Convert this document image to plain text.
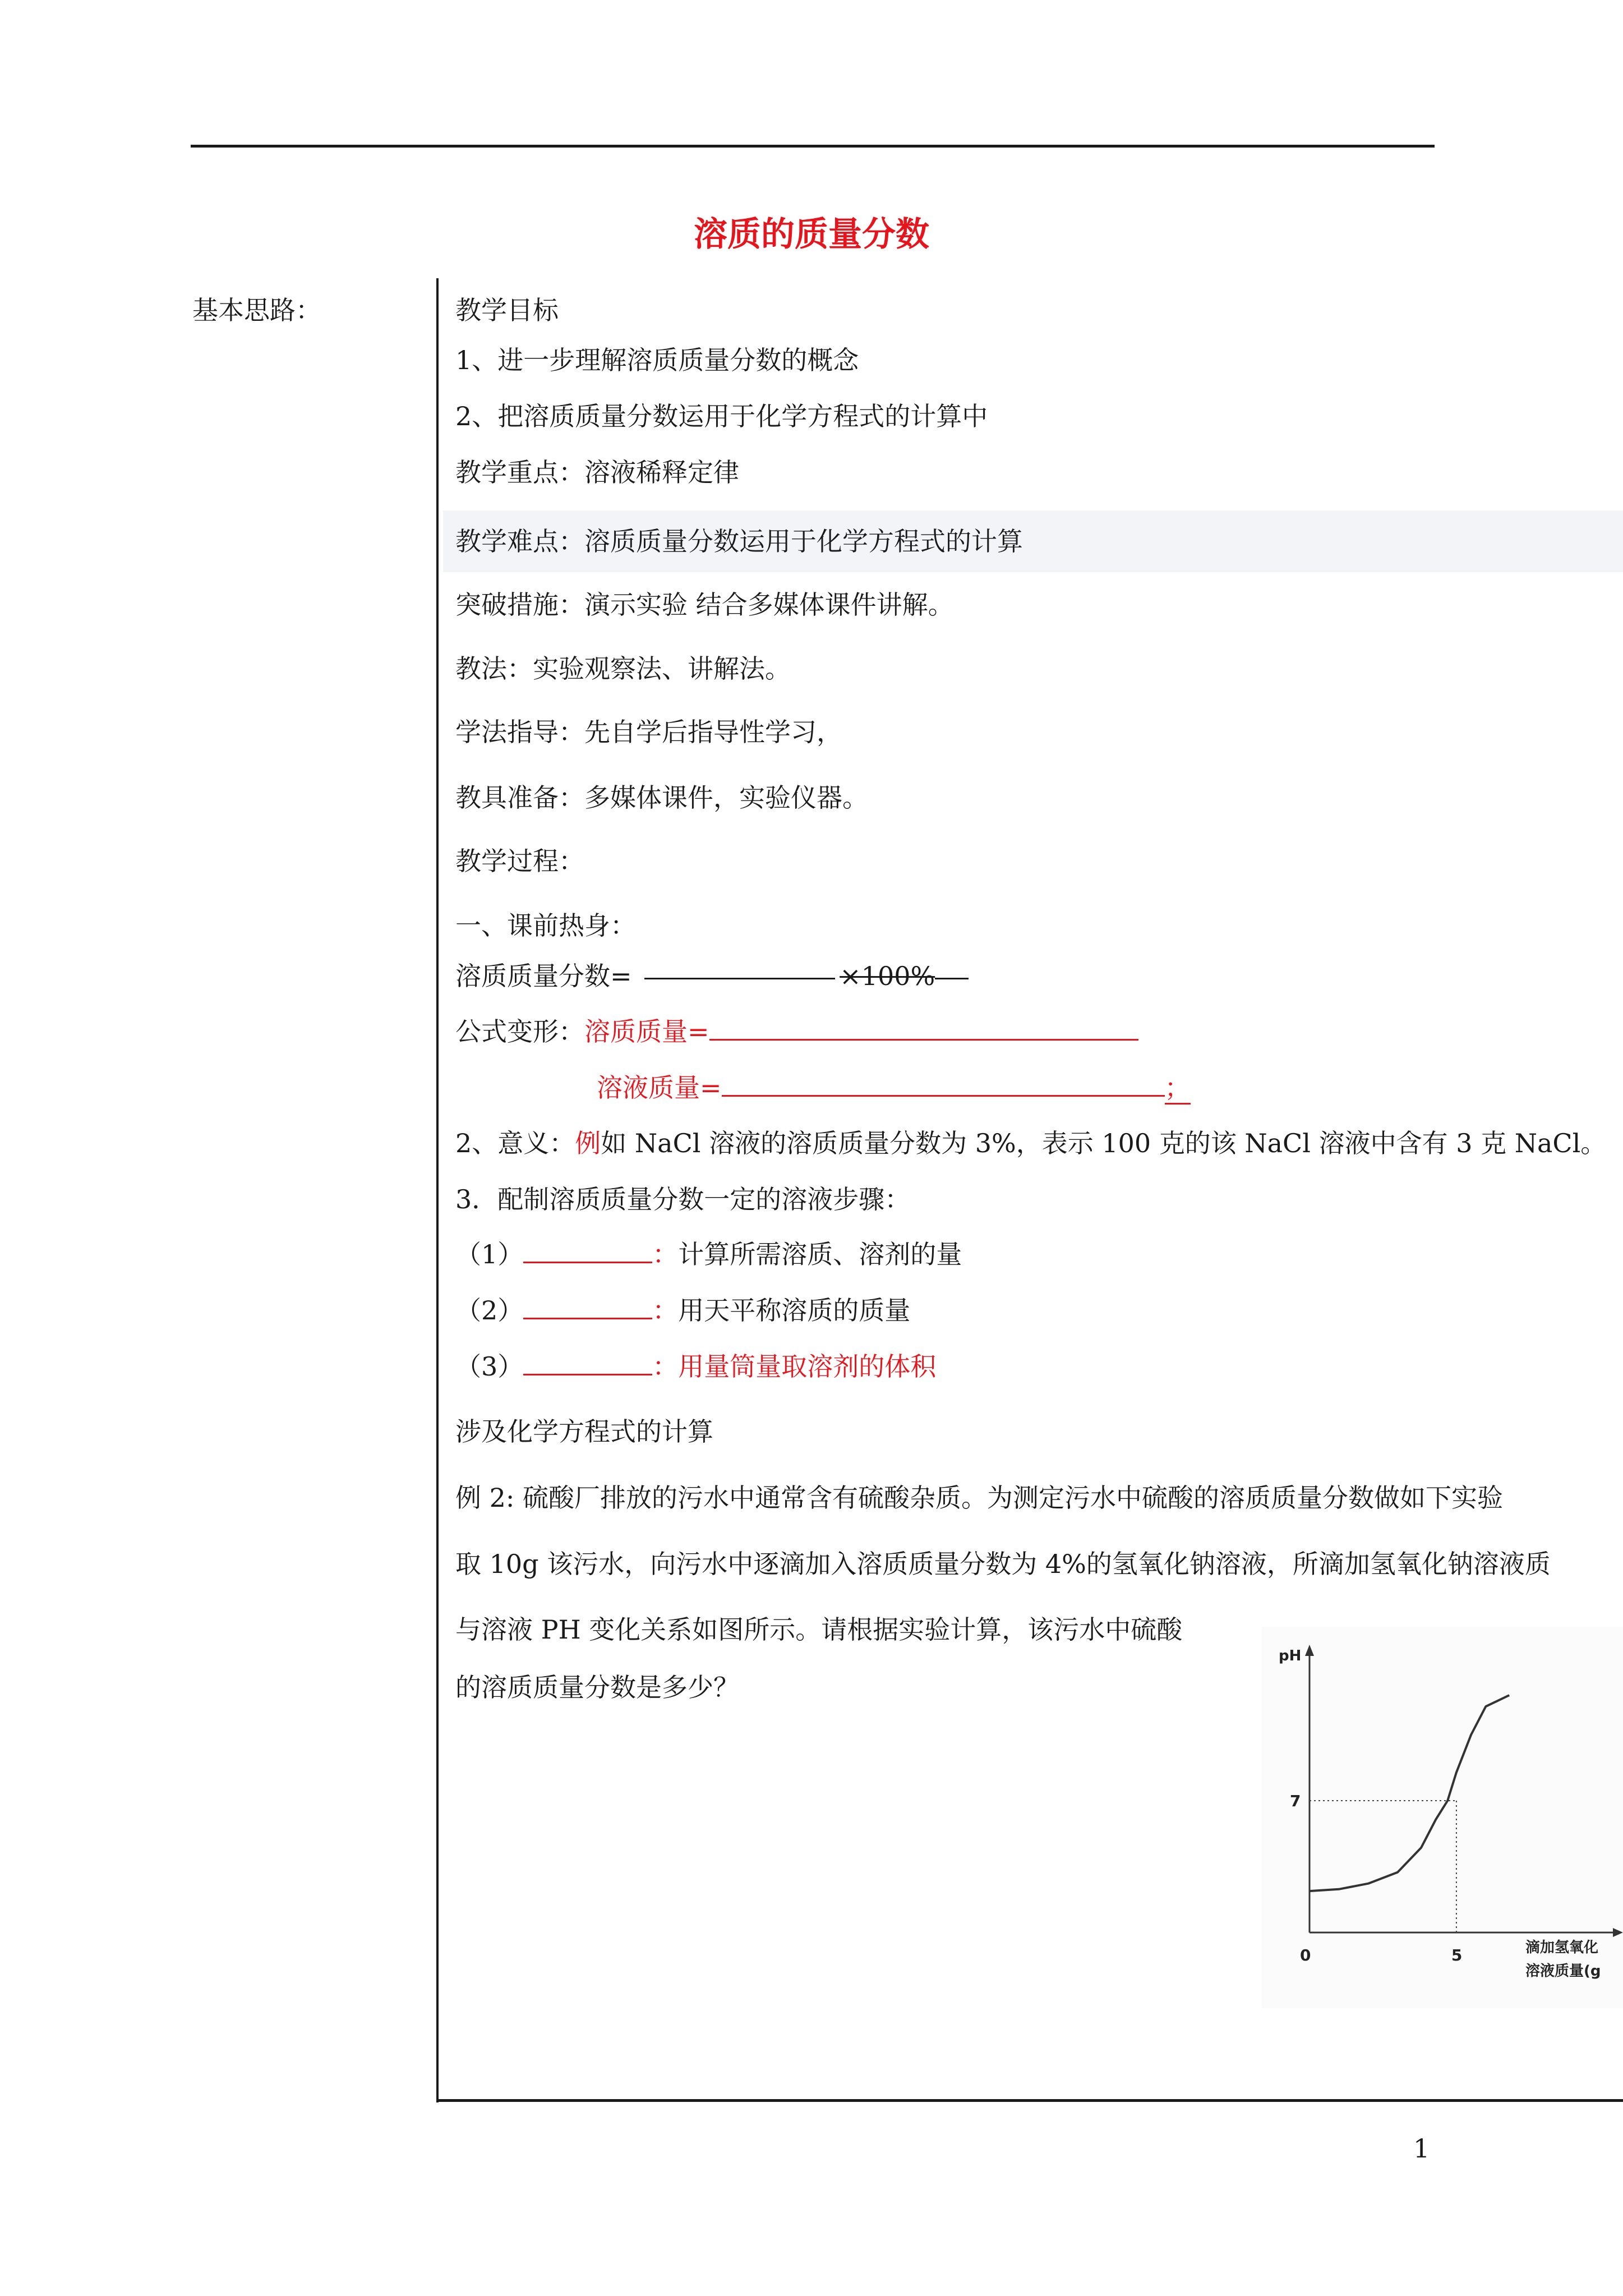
溶质的质量分数
基本思路：	教学目标
1、进一步理解溶质质量分数的概念
2、把溶质质量分数运用于化学方程式的计算中
教学重点：溶液稀释定律
教学难点：溶质质量分数运用于化学方程式的计算
突破措施：演示实验 结合多媒体课件讲解。
教法：实验观察法、讲解法。
学法指导：先自学后指导性学习，
教具准备：多媒体课件，实验仪器。
教学过程：
一、课前热身：
溶质质量分数=	×100%
公式变形：溶质质量=
溶液质量=	；
2、意义：例如 NaCl 溶液的溶质质量分数为 3%，表示 100 克的该 NaCl 溶液中含有 3 克 NaCl。
3．配制溶质质量分数一定的溶液步骤：
（1）	：计算所需溶质、溶剂的量
（2）	：用天平称溶质的质量
（3）	：用量筒量取溶剂的体积
涉及化学方程式的计算
例 2: 硫酸厂排放的污水中通常含有硫酸杂质。为测定污水中硫酸的溶质质量分数做如下实验
取 10g 该污水，向污水中逐滴加入溶质质量分数为 4%的氢氧化钠溶液，所滴加氢氧化钠溶液质
与溶液 PH 变化关系如图所示。请根据实验计算，该污水中硫酸
的溶质质量分数是多少？
0	5
7
pH
滴加氢氧化
溶液质量(g
1
